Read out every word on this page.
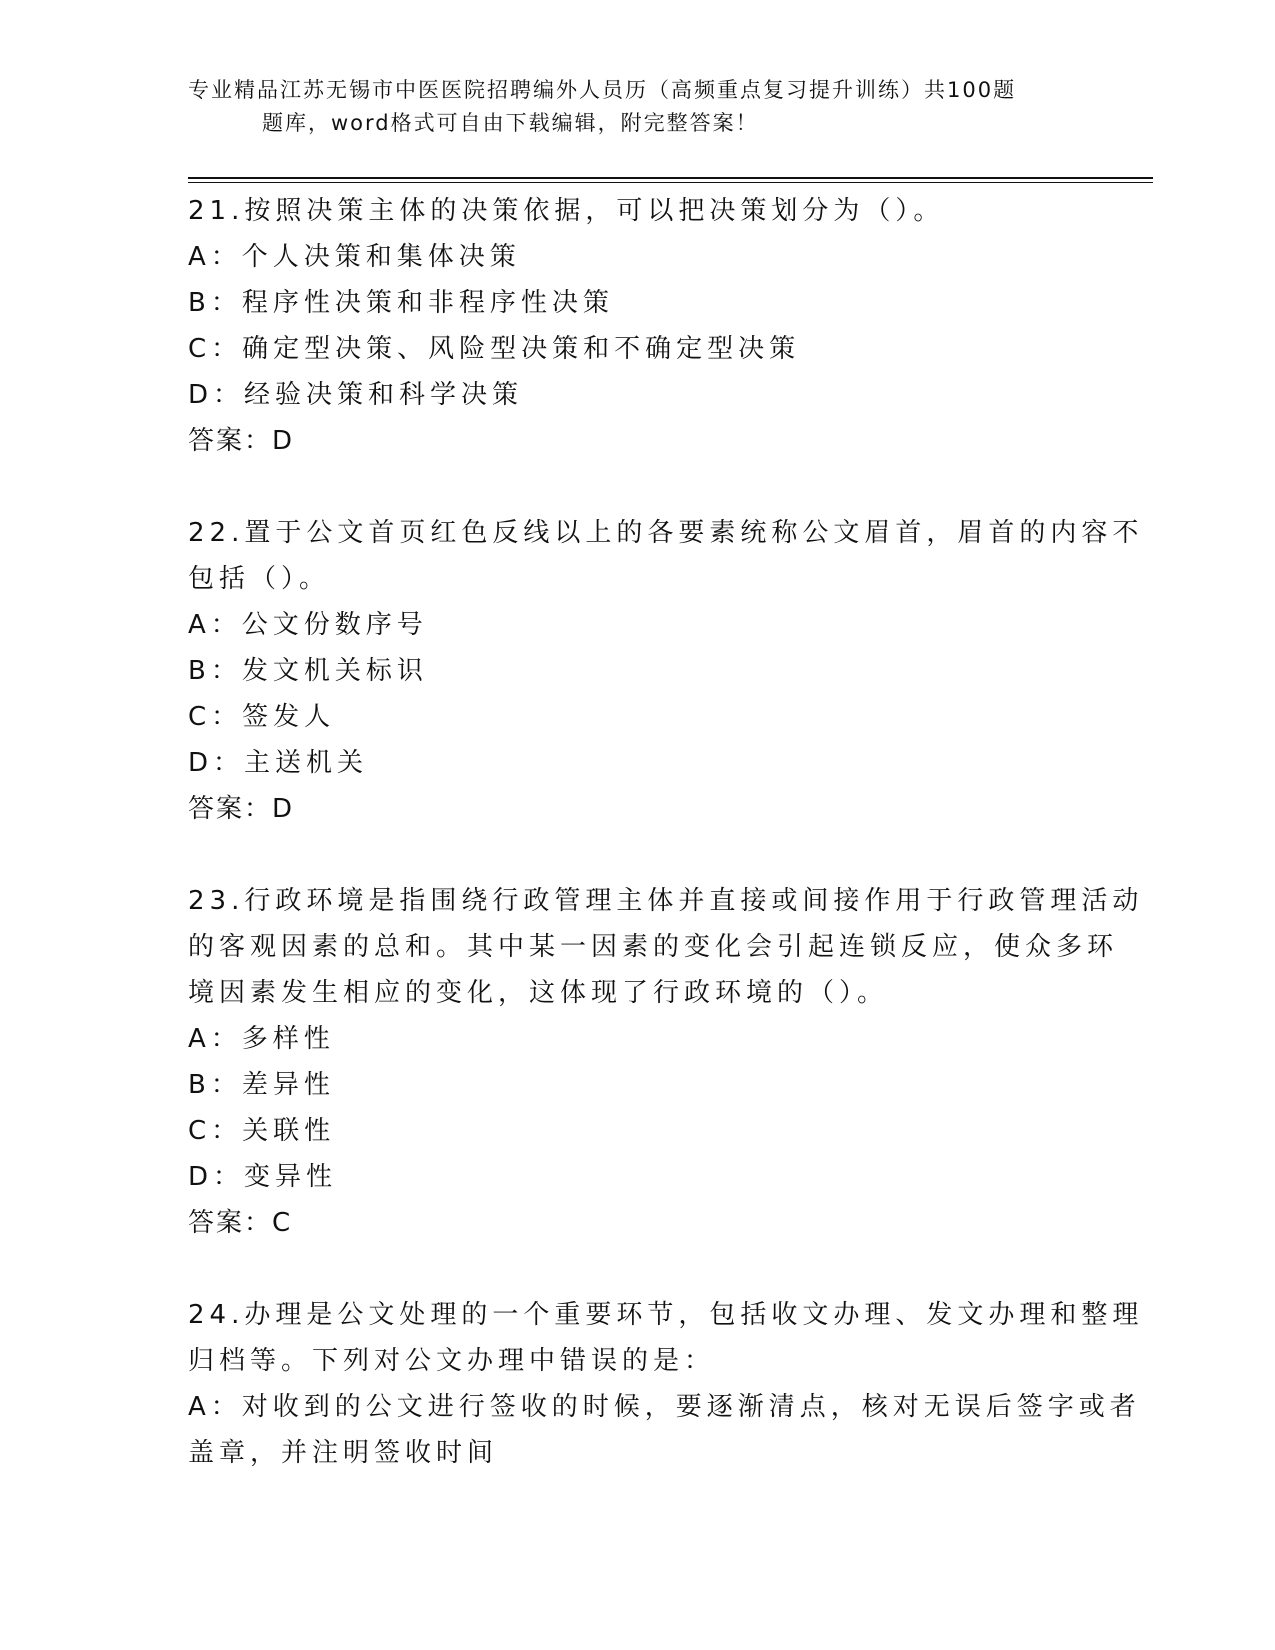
专业精品江苏无锡市中医医院招聘编外人员历（高频重点复习提升训练）共100题
题库，word格式可自由下载编辑，附完整答案！
21.按照决策主体的决策依据，可以把决策划分为（）。
A：个人决策和集体决策
B：程序性决策和非程序性决策
C：确定型决策、风险型决策和不确定型决策
D：经验决策和科学决策
答案：D
22.置于公文首页红色反线以上的各要素统称公文眉首，眉首的内容不
包括（）。
A：公文份数序号
B：发文机关标识
C：签发人
D：主送机关
答案：D
23.行政环境是指围绕行政管理主体并直接或间接作用于行政管理活动
的客观因素的总和。其中某一因素的变化会引起连锁反应，使众多环
境因素发生相应的变化，这体现了行政环境的（）。
A：多样性
B：差异性
C：关联性
D：变异性
答案：C
24.办理是公文处理的一个重要环节，包括收文办理、发文办理和整理
归档等。下列对公文办理中错误的是：
A：对收到的公文进行签收的时候，要逐渐清点，核对无误后签字或者
盖章，并注明签收时间
